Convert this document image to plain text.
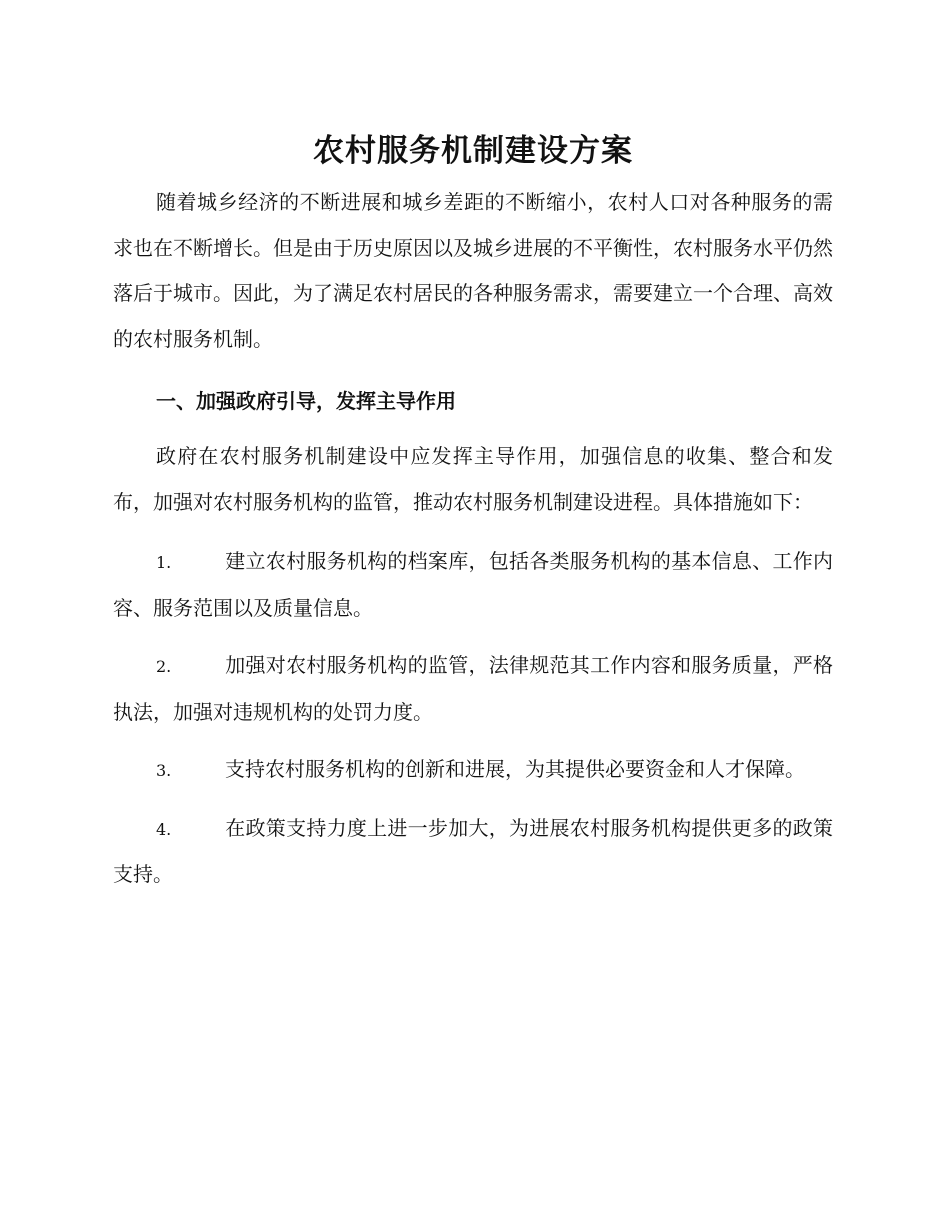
农村服务机制建设方案

随着城乡经济的不断进展和城乡差距的不断缩小，农村人口对各种服务的需求也在不断增长。但是由于历史原因以及城乡进展的不平衡性，农村服务水平仍然落后于城市。因此，为了满足农村居民的各种服务需求，需要建立一个合理、高效的农村服务机制。

一、加强政府引导，发挥主导作用

政府在农村服务机制建设中应发挥主导作用，加强信息的收集、整合和发布，加强对农村服务机构的监管，推动农村服务机制建设进程。具体措施如下：

1.	建立农村服务机构的档案库，包括各类服务机构的基本信息、工作内容、服务范围以及质量信息。

2.	加强对农村服务机构的监管，法律规范其工作内容和服务质量，严格执法，加强对违规机构的处罚力度。

3.	支持农村服务机构的创新和进展，为其提供必要资金和人才保障。

4.	在政策支持力度上进一步加大，为进展农村服务机构提供更多的政策支持。
